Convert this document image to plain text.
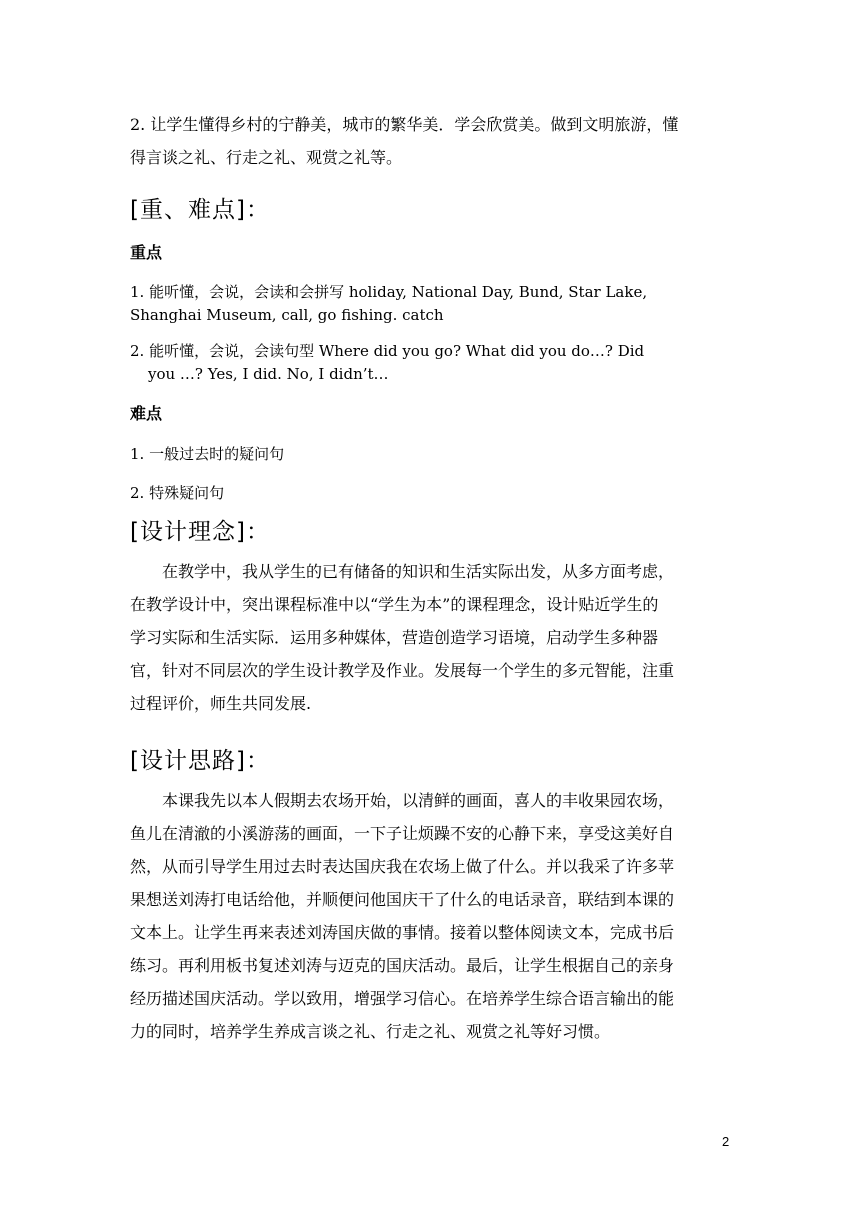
2. 让学生懂得乡村的宁静美，城市的繁华美．学会欣赏美。做到文明旅游，懂

得言谈之礼、行走之礼、观赏之礼等。

[重、难点]：

重点

1. 能听懂，会说，会读和会拼写 holiday, National Day, Bund, Star Lake,

Shanghai Museum, call, go fishing. catch

2. 能听懂，会说，会读句型 Where did you go? What did you do…? Did

you …? Yes, I did. No, I didn’t…

难点

1. 一般过去时的疑问句

2. 特殊疑问句

[设计理念]：

在教学中，我从学生的已有储备的知识和生活实际出发，从多方面考虑，

在教学设计中，突出课程标准中以“学生为本”的课程理念，设计贴近学生的

学习实际和生活实际．运用多种媒体，营造创造学习语境，启动学生多种器

官，针对不同层次的学生设计教学及作业。发展每一个学生的多元智能，注重

过程评价，师生共同发展.

[设计思路]：

本课我先以本人假期去农场开始，以清鲜的画面，喜人的丰收果园农场，

鱼儿在清澈的小溪游荡的画面，一下子让烦躁不安的心静下来，享受这美好自

然，从而引导学生用过去时表达国庆我在农场上做了什么。并以我采了许多苹

果想送刘涛打电话给他，并顺便问他国庆干了什么的电话录音，联结到本课的

文本上。让学生再来表述刘涛国庆做的事情。接着以整体阅读文本，完成书后

练习。再利用板书复述刘涛与迈克的国庆活动。最后，让学生根据自己的亲身

经历描述国庆活动。学以致用，增强学习信心。在培养学生综合语言输出的能

力的同时，培养学生养成言谈之礼、行走之礼、观赏之礼等好习惯。

2
